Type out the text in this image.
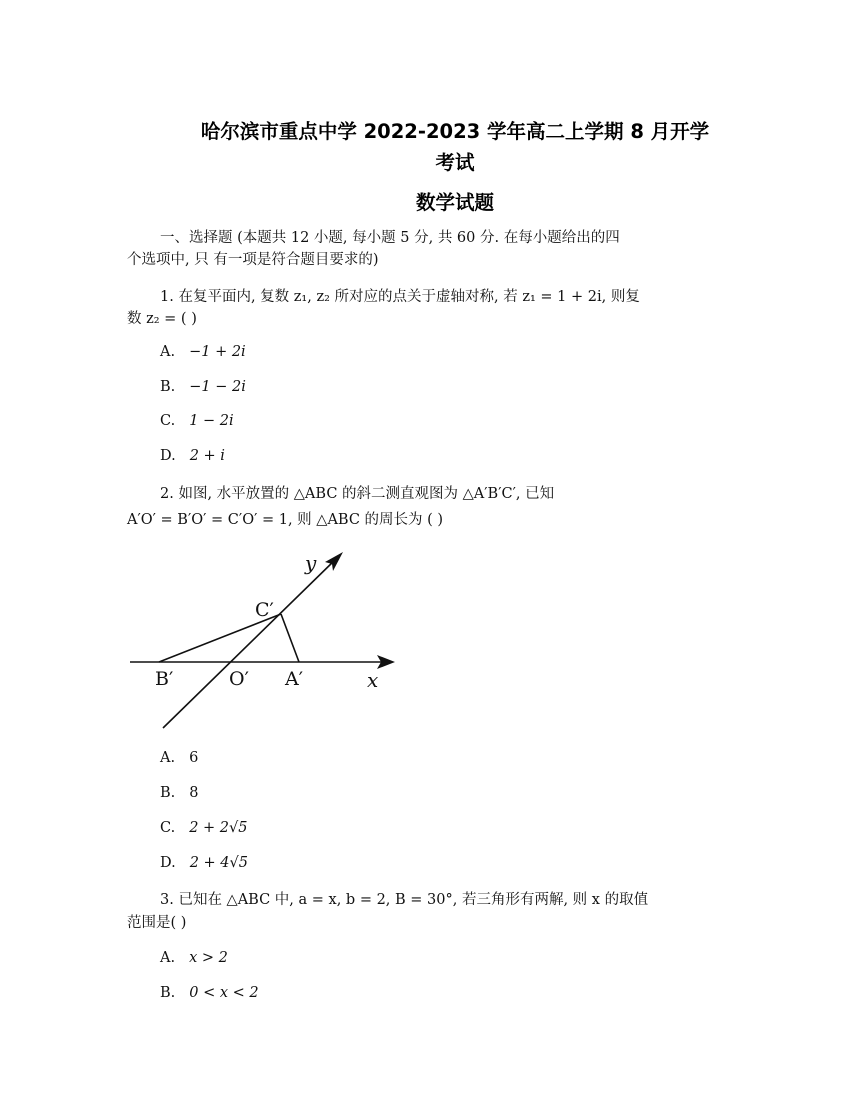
哈尔滨市重点中学 2022-2023 学年高二上学期 8 月开学
考试
数学试题
一、选择题 (本题共 12 小题, 每小题 5 分, 共 60 分. 在每小题给出的四
个选项中, 只 有一项是符合题目要求的)
1. 在复平面内, 复数 z₁, z₂ 所对应的点关于虚轴对称, 若 z₁ = 1 + 2i, 则复
数 z₂ = ( )
A. −1 + 2i
B. −1 − 2i
C. 1 − 2i
D. 2 + i
2. 如图, 水平放置的 △ABC 的斜二测直观图为 △A′B′C′, 已知
A′O′ = B′O′ = C′O′ = 1, 则 △ABC 的周长为 ( )
y
x
C′
B′	O′ A′
A. 6
B. 8
C. 2 + 2√5
D. 2 + 4√5
3. 已知在 △ABC 中, a = x, b = 2, B = 30°, 若三角形有两解, 则 x 的取值
范围是( )
A. x > 2
B. 0 < x < 2
